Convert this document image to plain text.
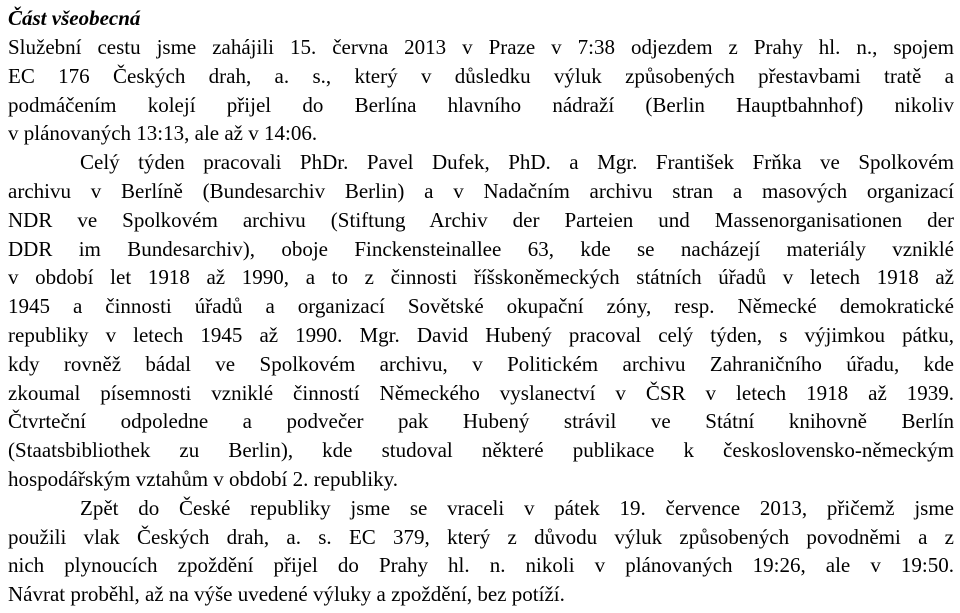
Část všeobecná
Služební cestu jsme zahájili 15. června 2013 v Praze v 7:38 odjezdem z Prahy hl. n., spojem
EC 176 Českých drah, a. s., který v důsledku výluk způsobených přestavbami tratě a
podmáčením kolejí přijel do Berlína hlavního nádraží (Berlin Hauptbahnhof) nikoliv
v plánovaných 13:13, ale až v 14:06.
Celý týden pracovali PhDr. Pavel Dufek, PhD. a Mgr. František Frňka ve Spolkovém
archivu v Berlíně (Bundesarchiv Berlin) a v Nadačním archivu stran a masových organizací
NDR ve Spolkovém archivu (Stiftung Archiv der Parteien und Massenorganisationen der
DDR im Bundesarchiv), oboje Finckensteinallee 63, kde se nacházejí materiály vzniklé
v období let 1918 až 1990, a to z činnosti říšskoněmeckých státních úřadů v letech 1918 až
1945 a činnosti úřadů a organizací Sovětské okupační zóny, resp. Německé demokratické
republiky v letech 1945 až 1990. Mgr. David Hubený pracoval celý týden, s výjimkou pátku,
kdy rovněž bádal ve Spolkovém archivu, v Politickém archivu Zahraničního úřadu, kde
zkoumal písemnosti vzniklé činností Německého vyslanectví v ČSR v letech 1918 až 1939.
Čtvrteční odpoledne a podvečer pak Hubený strávil ve Státní knihovně Berlín
(Staatsbibliothek zu Berlin), kde studoval některé publikace k československo-německým
hospodářským vztahům v období 2. republiky.
Zpět do České republiky jsme se vraceli v pátek 19. července 2013, přičemž jsme
použili vlak Českých drah, a. s. EC 379, který z důvodu výluk způsobených povodněmi a z
nich plynoucích zpoždění přijel do Prahy hl. n. nikoli v plánovaných 19:26, ale v 19:50.
Návrat proběhl, až na výše uvedené výluky a zpoždění, bez potíží.
